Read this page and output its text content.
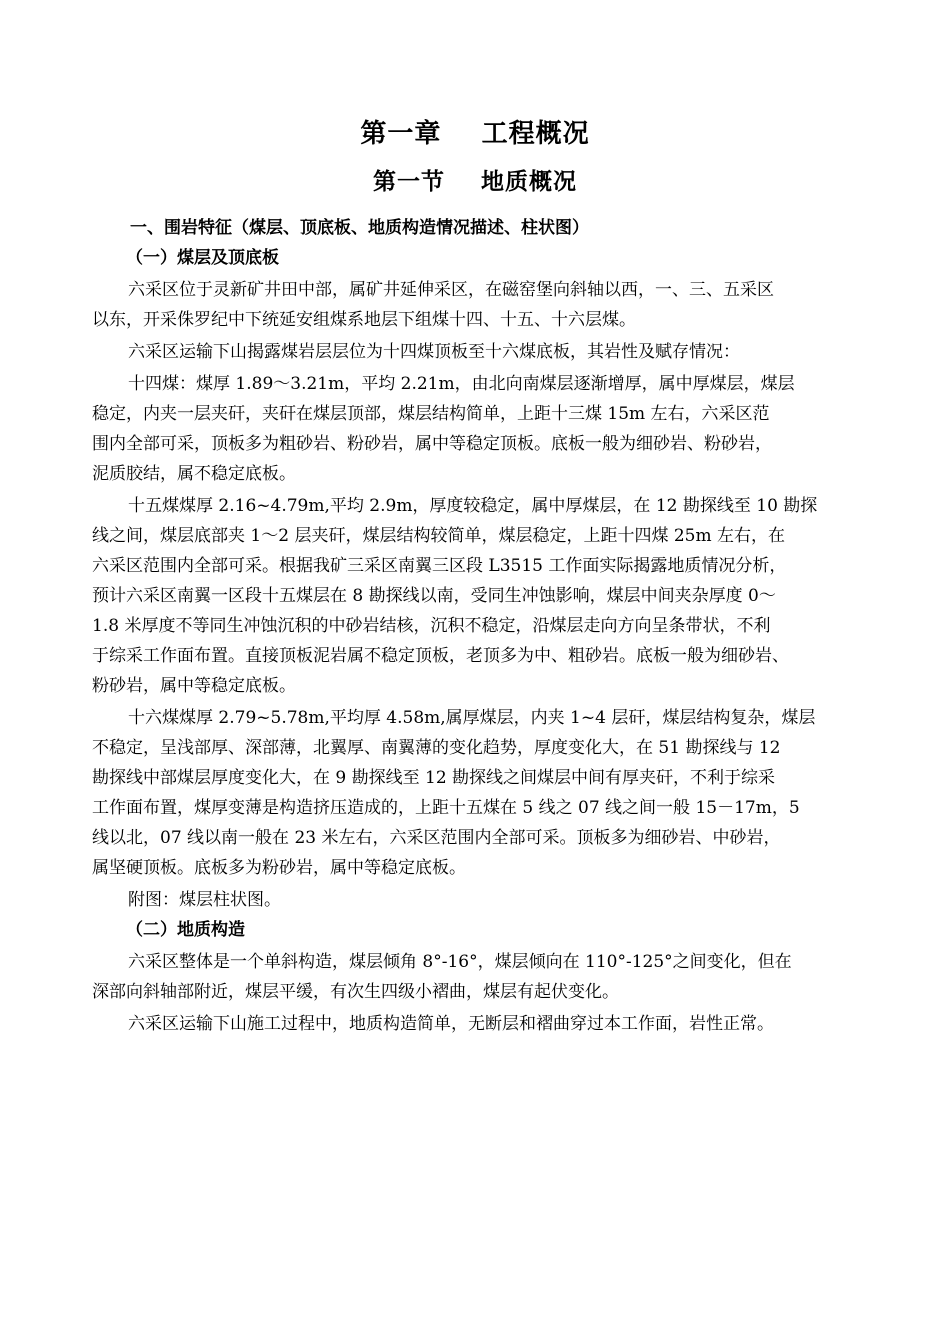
第一章    工程概况
第一节    地质概况
一、围岩特征（煤层、顶底板、地质构造情况描述、柱状图）
（一）煤层及顶底板
六采区位于灵新矿井田中部，属矿井延伸采区，在磁窑堡向斜轴以西，一、三、五采区
以东，开采侏罗纪中下统延安组煤系地层下组煤十四、十五、十六层煤。
六采区运输下山揭露煤岩层层位为十四煤顶板至十六煤底板，其岩性及赋存情况：
十四煤：煤厚 1.89～3.21m，平均 2.21m，由北向南煤层逐渐增厚，属中厚煤层，煤层
稳定，内夹一层夹矸，夹矸在煤层顶部，煤层结构简单，上距十三煤 15m 左右，六采区范
围内全部可采，顶板多为粗砂岩、粉砂岩，属中等稳定顶板。底板一般为细砂岩、粉砂岩，
泥质胶结，属不稳定底板。
十五煤煤厚 2.16~4.79m,平均 2.9m，厚度较稳定，属中厚煤层，在 12 勘探线至 10 勘探
线之间，煤层底部夹 1～2 层夹矸，煤层结构较简单，煤层稳定，上距十四煤 25m 左右，在
六采区范围内全部可采。根据我矿三采区南翼三区段 L3515 工作面实际揭露地质情况分析，
预计六采区南翼一区段十五煤层在 8 勘探线以南，受同生冲蚀影响，煤层中间夹杂厚度 0～
1.8 米厚度不等同生冲蚀沉积的中砂岩结核，沉积不稳定，沿煤层走向方向呈条带状，不利
于综采工作面布置。直接顶板泥岩属不稳定顶板，老顶多为中、粗砂岩。底板一般为细砂岩、
粉砂岩，属中等稳定底板。
十六煤煤厚 2.79~5.78m,平均厚 4.58m,属厚煤层，内夹 1~4 层矸，煤层结构复杂，煤层
不稳定，呈浅部厚、深部薄，北翼厚、南翼薄的变化趋势，厚度变化大，在 51 勘探线与 12
勘探线中部煤层厚度变化大，在 9 勘探线至 12 勘探线之间煤层中间有厚夹矸，不利于综采
工作面布置，煤厚变薄是构造挤压造成的，上距十五煤在 5 线之 07 线之间一般 15－17m，5
线以北，07 线以南一般在 23 米左右，六采区范围内全部可采。顶板多为细砂岩、中砂岩，
属坚硬顶板。底板多为粉砂岩，属中等稳定底板。
附图：煤层柱状图。
（二）地质构造
六采区整体是一个单斜构造，煤层倾角 8°-16°，煤层倾向在 110°-125°之间变化，但在
深部向斜轴部附近，煤层平缓，有次生四级小褶曲，煤层有起伏变化。
六采区运输下山施工过程中，地质构造简单，无断层和褶曲穿过本工作面，岩性正常。
